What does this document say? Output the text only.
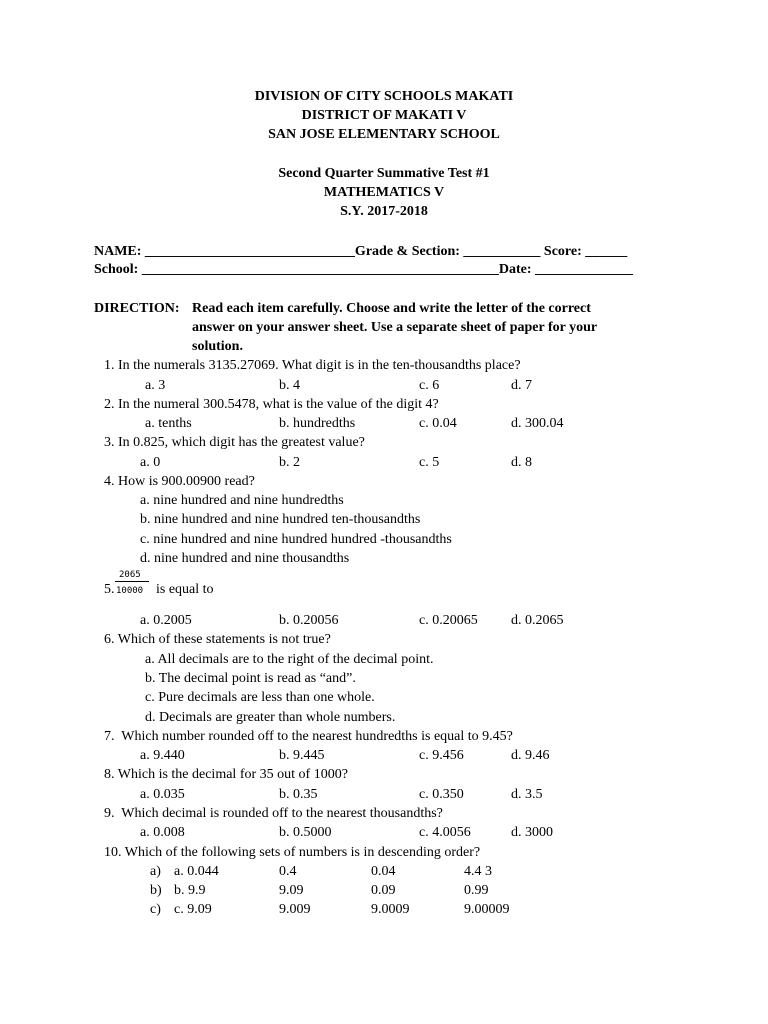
DIVISION OF CITY SCHOOLS MAKATI
DISTRICT OF MAKATI V
SAN JOSE ELEMENTARY SCHOOL
Second Quarter Summative Test #1
MATHEMATICS V
S.Y. 2017-2018
NAME: ______________________________Grade & Section: ___________ Score: ______
School: ___________________________________________________Date: ______________
DIRECTION: Read each item carefully. Choose and write the letter of the correct
answer on your answer sheet. Use a separate sheet of paper for your
solution.
1. In the numerals 3135.27069. What digit is in the ten-thousandths place?
a. 3	b. 4	c. 6	d. 7
2. In the numeral 300.5478, what is the value of the digit 4?
a. tenths	b. hundredths	c. 0.04	d. 300.04
3. In 0.825, which digit has the greatest value?
a. 0	b. 2	c. 5	d. 8
4. How is 900.00900 read?
a. nine hundred and nine hundredths
b. nine hundred and nine hundred ten-thousandths
c. nine hundred and nine hundred hundred -thousandths
d. nine hundred and nine thousandths
2065
5. 10000 is equal to
a. 0.2005	b. 0.20056	c. 0.20065 d. 0.2065
6. Which of these statements is not true?
a. All decimals are to the right of the decimal point.
b. The decimal point is read as “and”.
c. Pure decimals are less than one whole.
d. Decimals are greater than whole numbers.
7.  Which number rounded off to the nearest hundredths is equal to 9.45?
a. 9.440	b. 9.445	c. 9.456	d. 9.46
8. Which is the decimal for 35 out of 1000?
a. 0.035	b. 0.35	c. 0.350	d. 3.5
9.  Which decimal is rounded off to the nearest thousandths?
a. 0.008	b. 0.5000	c. 4.0056	d. 3000
10. Which of the following sets of numbers is in descending order?
a) a. 0.044	0.4	0.04	4.4 3
b) b. 9.9	9.09	0.09	0.99
c) c. 9.09	9.009	9.0009	9.00009
